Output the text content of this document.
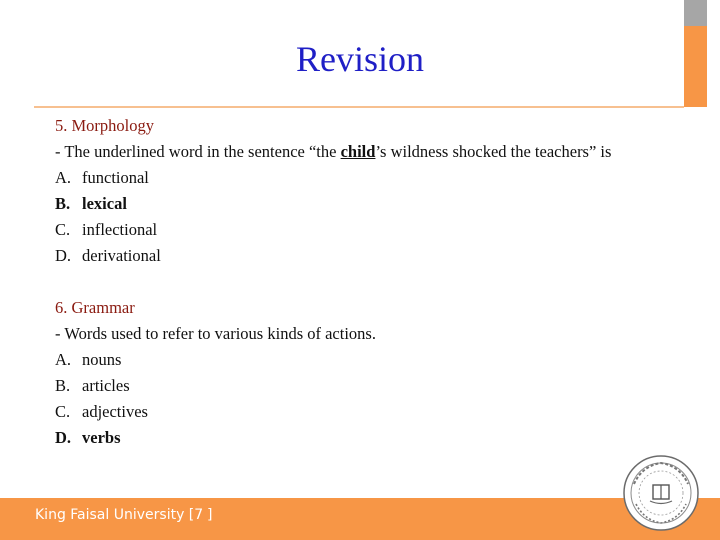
Revision
5. Morphology
- The underlined word in the sentence “the child’s wildness shocked the teachers” is
A. functional
B. lexical
C. inflectional
D. derivational
6. Grammar
- Words used to refer to various kinds of actions.
A. nouns
B. articles
C. adjectives
D. verbs
King Faisal University [7 ]
